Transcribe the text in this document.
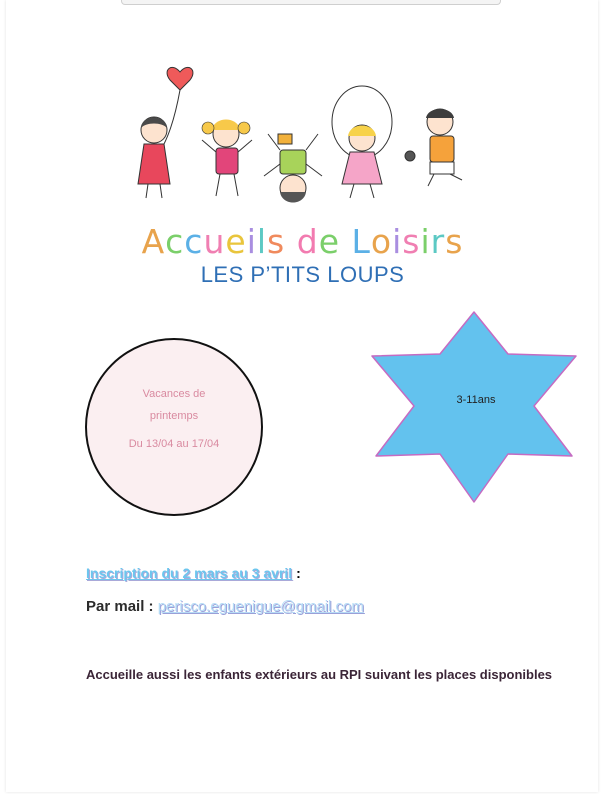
Accueils de Loisirs
LES P’TITS LOUPS
Vacances de
printemps
Du 13/04 au 17/04
3-11ans
Inscription du 2 mars au 3 avril :
Par mail : perisco.eguenigue@gmail.com
Accueille aussi les enfants extérieurs au RPI suivant les places disponibles
